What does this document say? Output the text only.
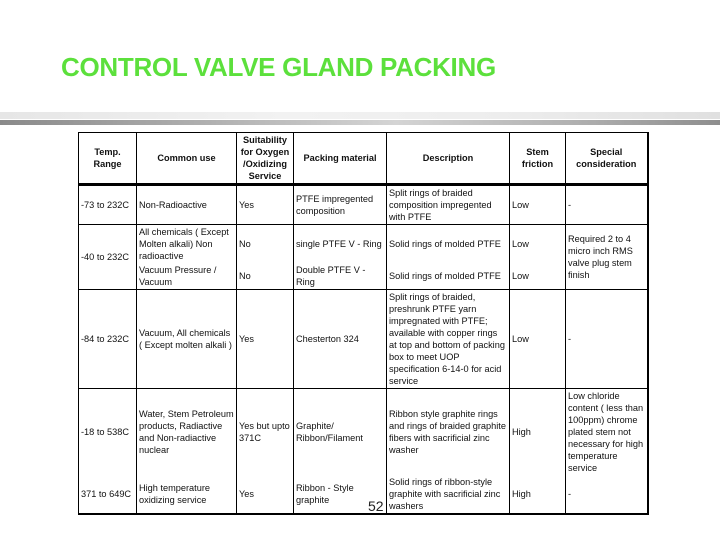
CONTROL VALVE GLAND PACKING
Temp. Range	Common use	Suitability for Oxygen /Oxidizing Service	Packing material	Description	Stem friction	Special consideration
-73 to 232C	Non-Radioactive	Yes	PTFE impregented composition	Split rings of braided composition impregented with PTFE	Low	-
-40 to 232C	All chemicals ( Except Molten alkali) Non radioactive	No	single PTFE V - Ring	Solid rings of molded PTFE	Low	Required 2 to 4 micro inch RMS valve plug stem finish
	Vacuum Pressure / Vacuum	No	Double PTFE V - Ring	Solid rings of molded PTFE	Low	
-84 to 232C	Vacuum, All chemicals ( Except molten alkali )	Yes	Chesterton 324	Split rings of braided, preshrunk PTFE yarn impregnated with PTFE; available with copper rings at top and bottom of packing box to meet UOP specification 6-14-0 for acid service	Low	-
-18 to 538C	Water, Stem Petroleum products, Radiactive and Non-radiactive nuclear	Yes but upto 371C	Graphite/ Ribbon/Filament	Ribbon style graphite rings and rings of braided graphite fibers with sacrificial zinc washer	High	Low chloride content ( less than 100ppm) chrome plated stem not necessary for high temperature service
371 to 649C	High temperature oxidizing service	Yes	Ribbon - Style graphite	Solid rings of ribbon-style graphite with sacrificial zinc washers	High	-
52
